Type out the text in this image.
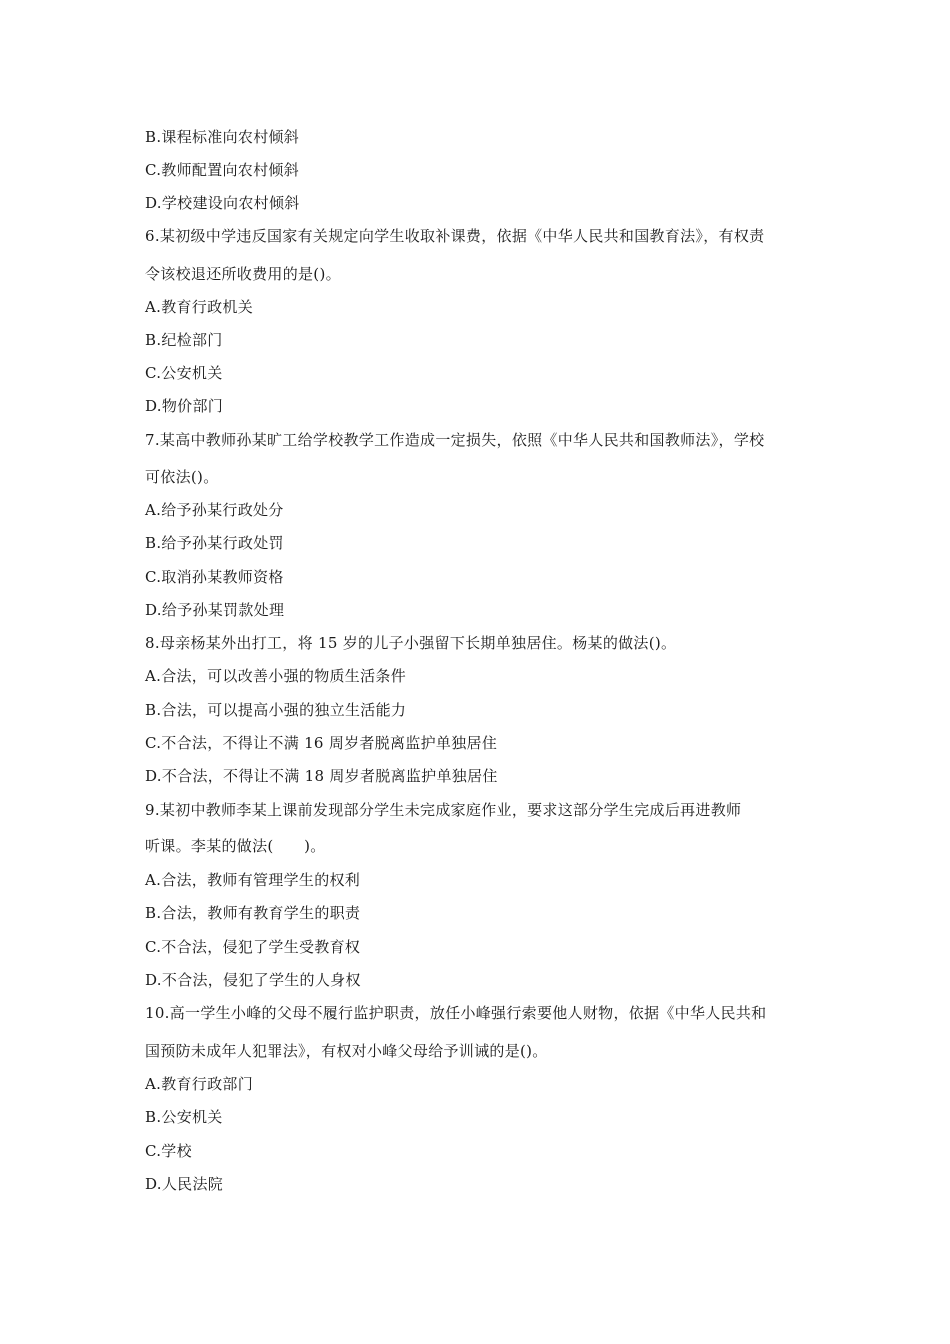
B.课程标准向农村倾斜
C.教师配置向农村倾斜
D.学校建设向农村倾斜
6.某初级中学违反国家有关规定向学生收取补课费，依据《中华人民共和国教育法》，有权责
令该校退还所收费用的是()。
A.教育行政机关
B.纪检部门
C.公安机关
D.物价部门
7.某高中教师孙某旷工给学校教学工作造成一定损失，依照《中华人民共和国教师法》，学校
可依法()。
A.给予孙某行政处分
B.给予孙某行政处罚
C.取消孙某教师资格
D.给予孙某罚款处理
8.母亲杨某外出打工，将 15 岁的儿子小强留下长期单独居住。杨某的做法()。
A.合法，可以改善小强的物质生活条件
B.合法，可以提高小强的独立生活能力
C.不合法，不得让不满 16 周岁者脱离监护单独居住
D.不合法，不得让不满 18 周岁者脱离监护单独居住
9.某初中教师李某上课前发现部分学生未完成家庭作业，要求这部分学生完成后再进教师
听课。李某的做法(　　)。
A.合法，教师有管理学生的权利
B.合法，教师有教育学生的职责
C.不合法，侵犯了学生受教育权
D.不合法，侵犯了学生的人身权
10.高一学生小峰的父母不履行监护职责，放任小峰强行索要他人财物，依据《中华人民共和
国预防未成年人犯罪法》，有权对小峰父母给予训诫的是()。
A.教育行政部门
B.公安机关
C.学校
D.人民法院
